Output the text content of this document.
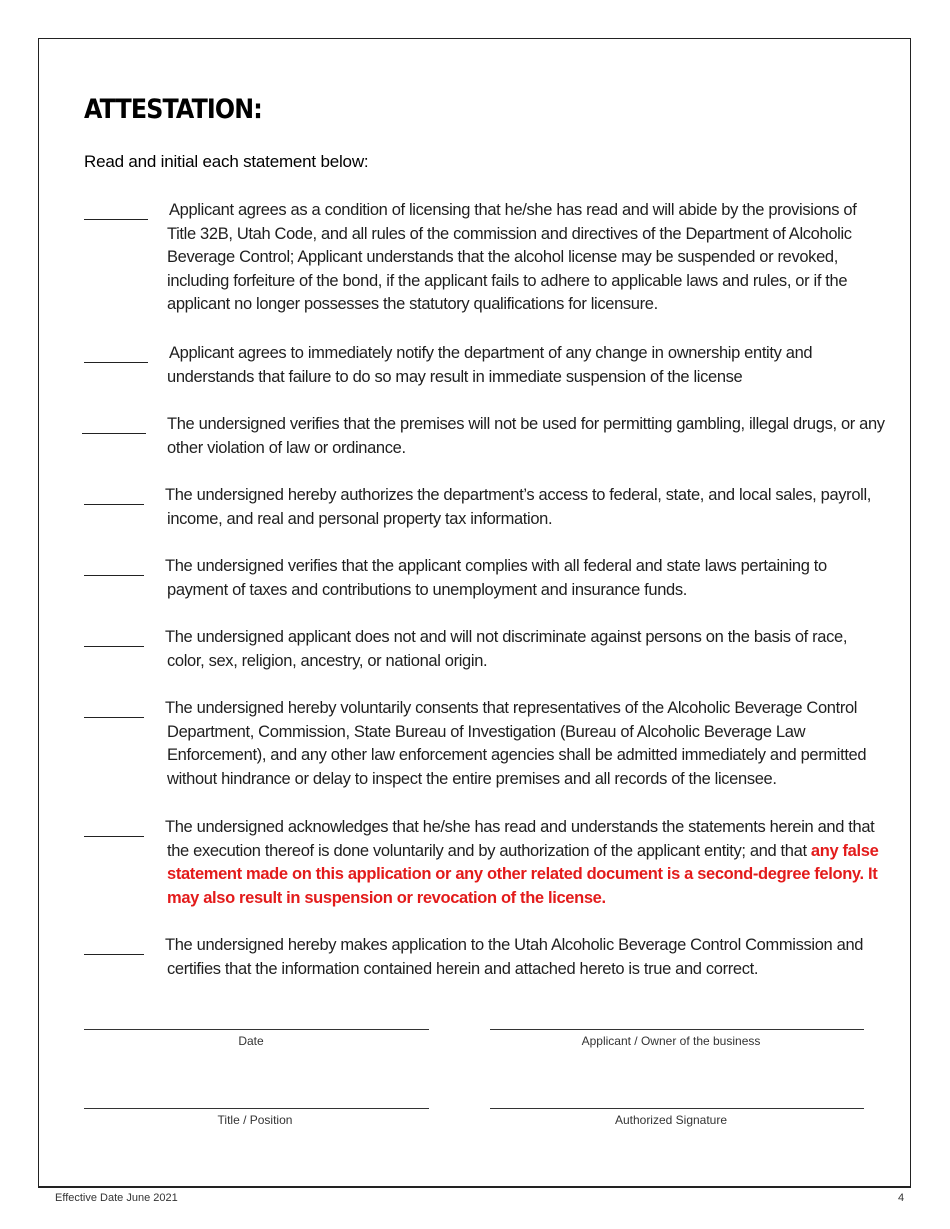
ATTESTATION:

Read and initial each statement below:

Applicant agrees as a condition of licensing that he/she has read and will abide by the provisions of Title 32B, Utah Code, and all rules of the commission and directives of the Department of Alcoholic Beverage Control; Applicant understands that the alcohol license may be suspended or revoked, including forfeiture of the bond, if the applicant fails to adhere to applicable laws and rules, or if the applicant no longer possesses the statutory qualifications for licensure.

Applicant agrees to immediately notify the department of any change in ownership entity and understands that failure to do so may result in immediate suspension of the license

The undersigned verifies that the premises will not be used for permitting gambling, illegal drugs, or any other violation of law or ordinance.

The undersigned hereby authorizes the department’s access to federal, state, and local sales, payroll, income, and real and personal property tax information.

The undersigned verifies that the applicant complies with all federal and state laws pertaining to payment of taxes and contributions to unemployment and insurance funds.

The undersigned applicant does not and will not discriminate against persons on the basis of race, color, sex, religion, ancestry, or national origin.

The undersigned hereby voluntarily consents that representatives of the Alcoholic Beverage Control Department, Commission, State Bureau of Investigation (Bureau of Alcoholic Beverage Law Enforcement), and any other law enforcement agencies shall be admitted immediately and permitted without hindrance or delay to inspect the entire premises and all records of the licensee.

The undersigned acknowledges that he/she has read and understands the statements herein and that the execution thereof is done voluntarily and by authorization of the applicant entity; and that any false statement made on this application or any other related document is a second-degree felony. It may also result in suspension or revocation of the license.

The undersigned hereby makes application to the Utah Alcoholic Beverage Control Commission and certifies that the information contained herein and attached hereto is true and correct.

Date	Applicant / Owner of the business
Title / Position	Authorized Signature
Effective Date June 2021	4
